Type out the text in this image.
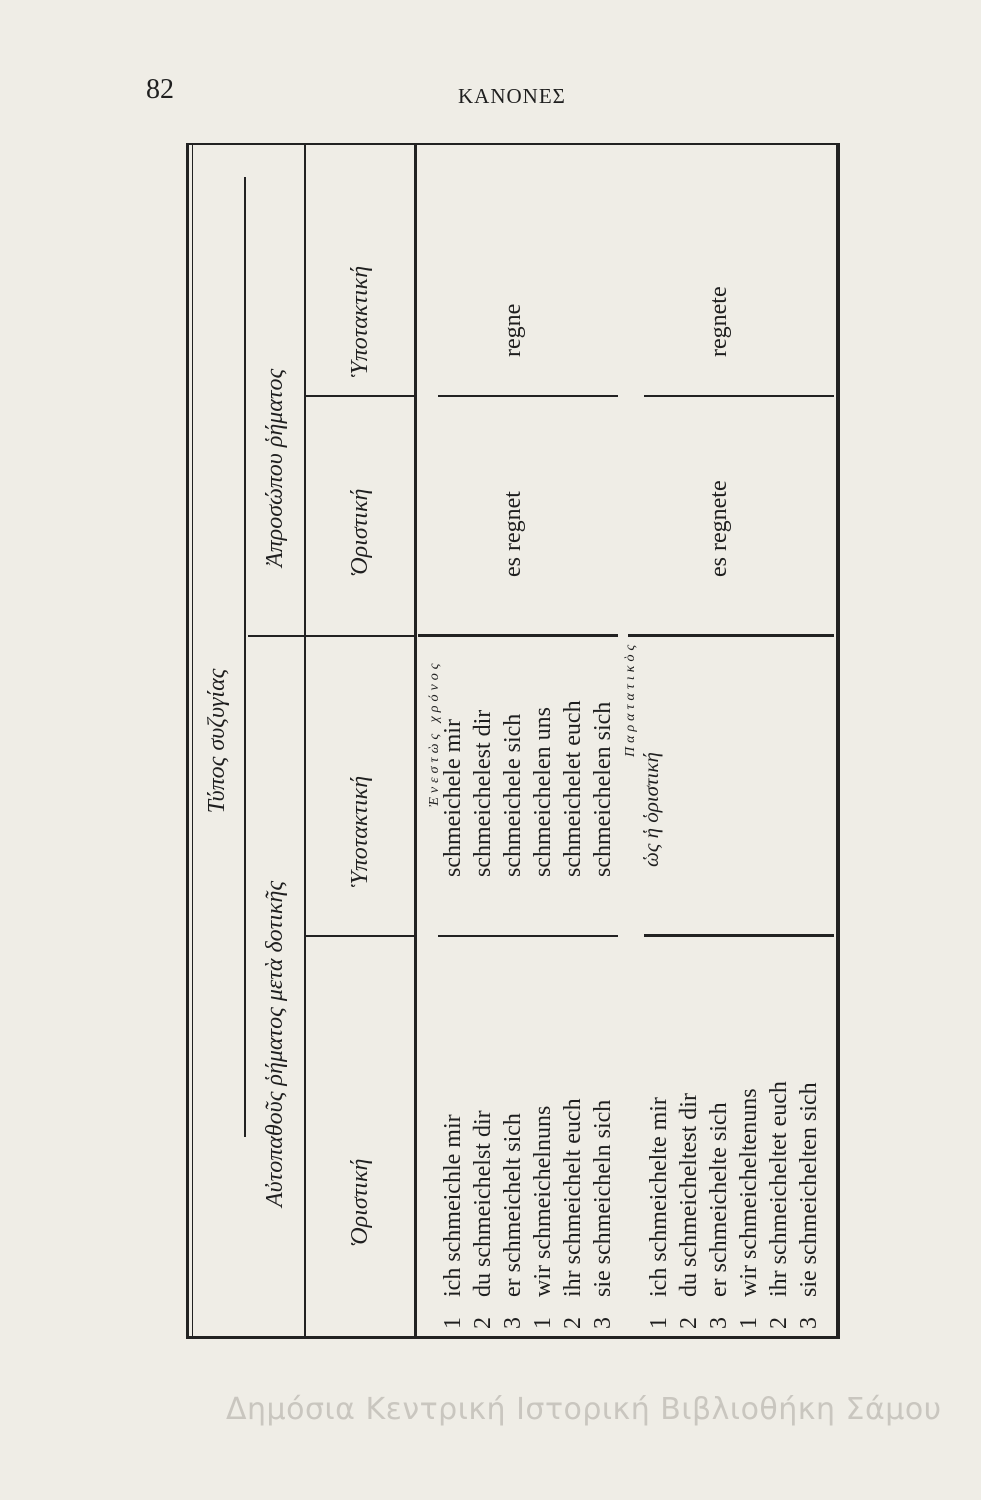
82	ΚΑΝΟΝΕΣ
Τύπος συζυγίας
Αὐτοπαθοῦς ῥήματος μετὰ δοτικῆς
Ἀπροσώπου ῥήματος
Ὁριστική
Ὑποτακτική
Ὁριστική
Ὑποτακτική
Ἐνεστὼς χρόνος
1
ich schmeichle mir
schmeichele mir
2
du schmeichelst dir
schmeichelest dir
3
er schmeichelt sich
schmeichele sich
es regnet
regne
1
wir schmeichelnuns
schmeichelen uns
2
ihr schmeichelt euch
schmeichelet euch
3
sie schmeicheln sich
schmeichelen sich
Παρατατικὸς
ὡς ἡ ὁριστική
1
ich schmeichelte mir
2
du schmeicheltest dir
3
er schmeichelte sich
es regnete
regnete
1
wir schmeicheltenuns
2
ihr schmeicheltet euch
3
sie schmeichelten sich
Δημόσια Κεντρική Ιστορική Βιβλιοθήκη Σάμου
